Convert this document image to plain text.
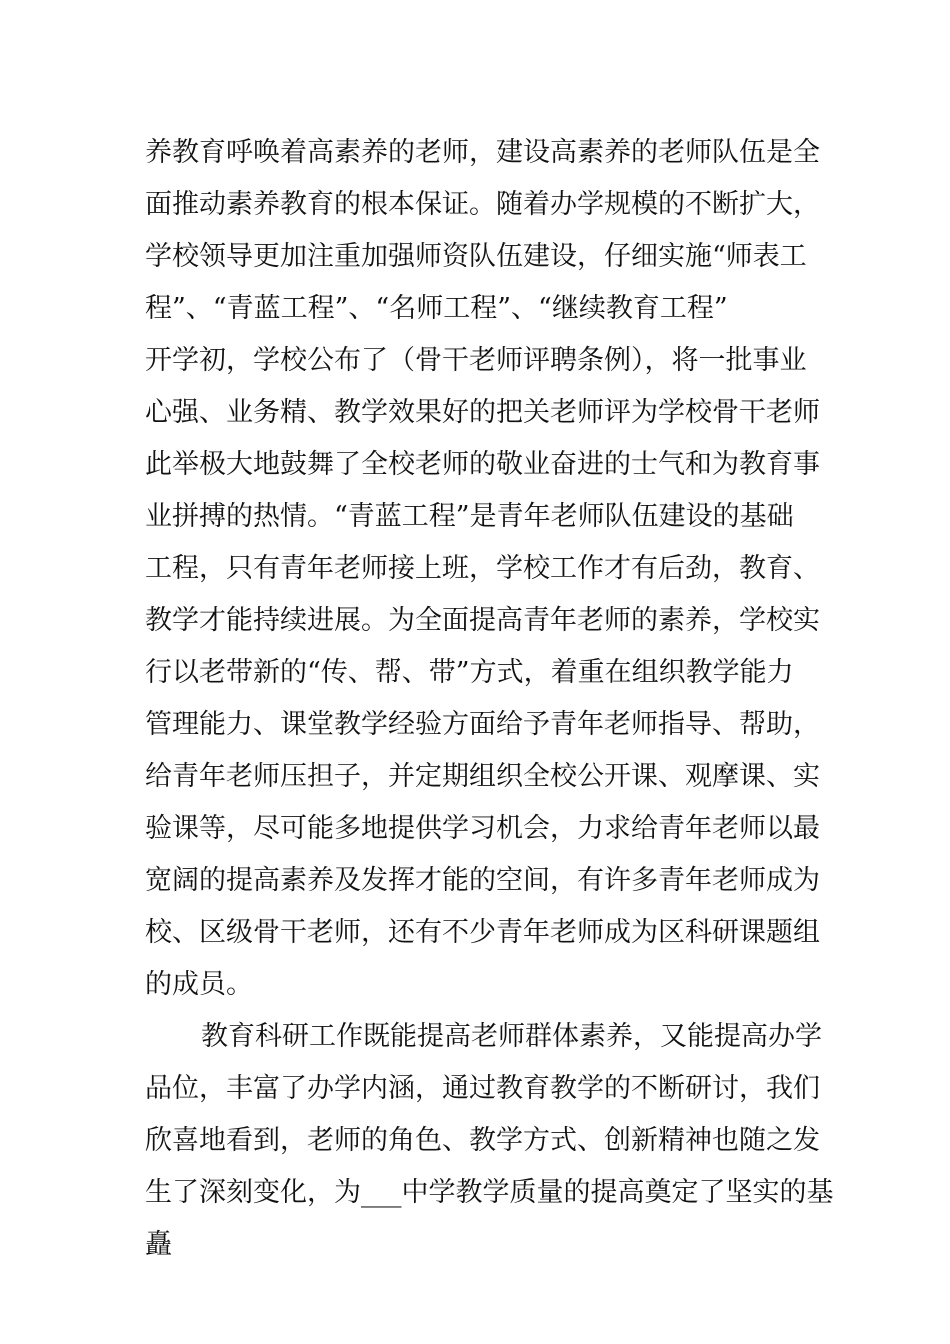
养教育呼唤着高素养的老师，建设高素养的老师队伍是全
面推动素养教育的根本保证。随着办学规模的不断扩大，
学校领导更加注重加强师资队伍建设，仔细实施“师表工
程”、“青蓝工程”、“名师工程”、“继续教育工程”
开学初，学校公布了（骨干老师评聘条例），将一批事业
心强、业务精、教学效果好的把关老师评为学校骨干老师
此举极大地鼓舞了全校老师的敬业奋进的士气和为教育事
业拼搏的热情。“青蓝工程”是青年老师队伍建设的基础
工程，只有青年老师接上班，学校工作才有后劲，教育、
教学才能持续进展。为全面提高青年老师的素养，学校实
行以老带新的“传、帮、带”方式，着重在组织教学能力
管理能力、课堂教学经验方面给予青年老师指导、帮助，
给青年老师压担子，并定期组织全校公开课、观摩课、实
验课等，尽可能多地提供学习机会，力求给青年老师以最
宽阔的提高素养及发挥才能的空间，有许多青年老师成为
校、区级骨干老师，还有不少青年老师成为区科研课题组
的成员。
教育科研工作既能提高老师群体素养，又能提高办学
品位，丰富了办学内涵，通过教育教学的不断研讨，我们
欣喜地看到，老师的角色、教学方式、创新精神也随之发
生了深刻变化，为___中学教学质量的提高奠定了坚实的基
矗
